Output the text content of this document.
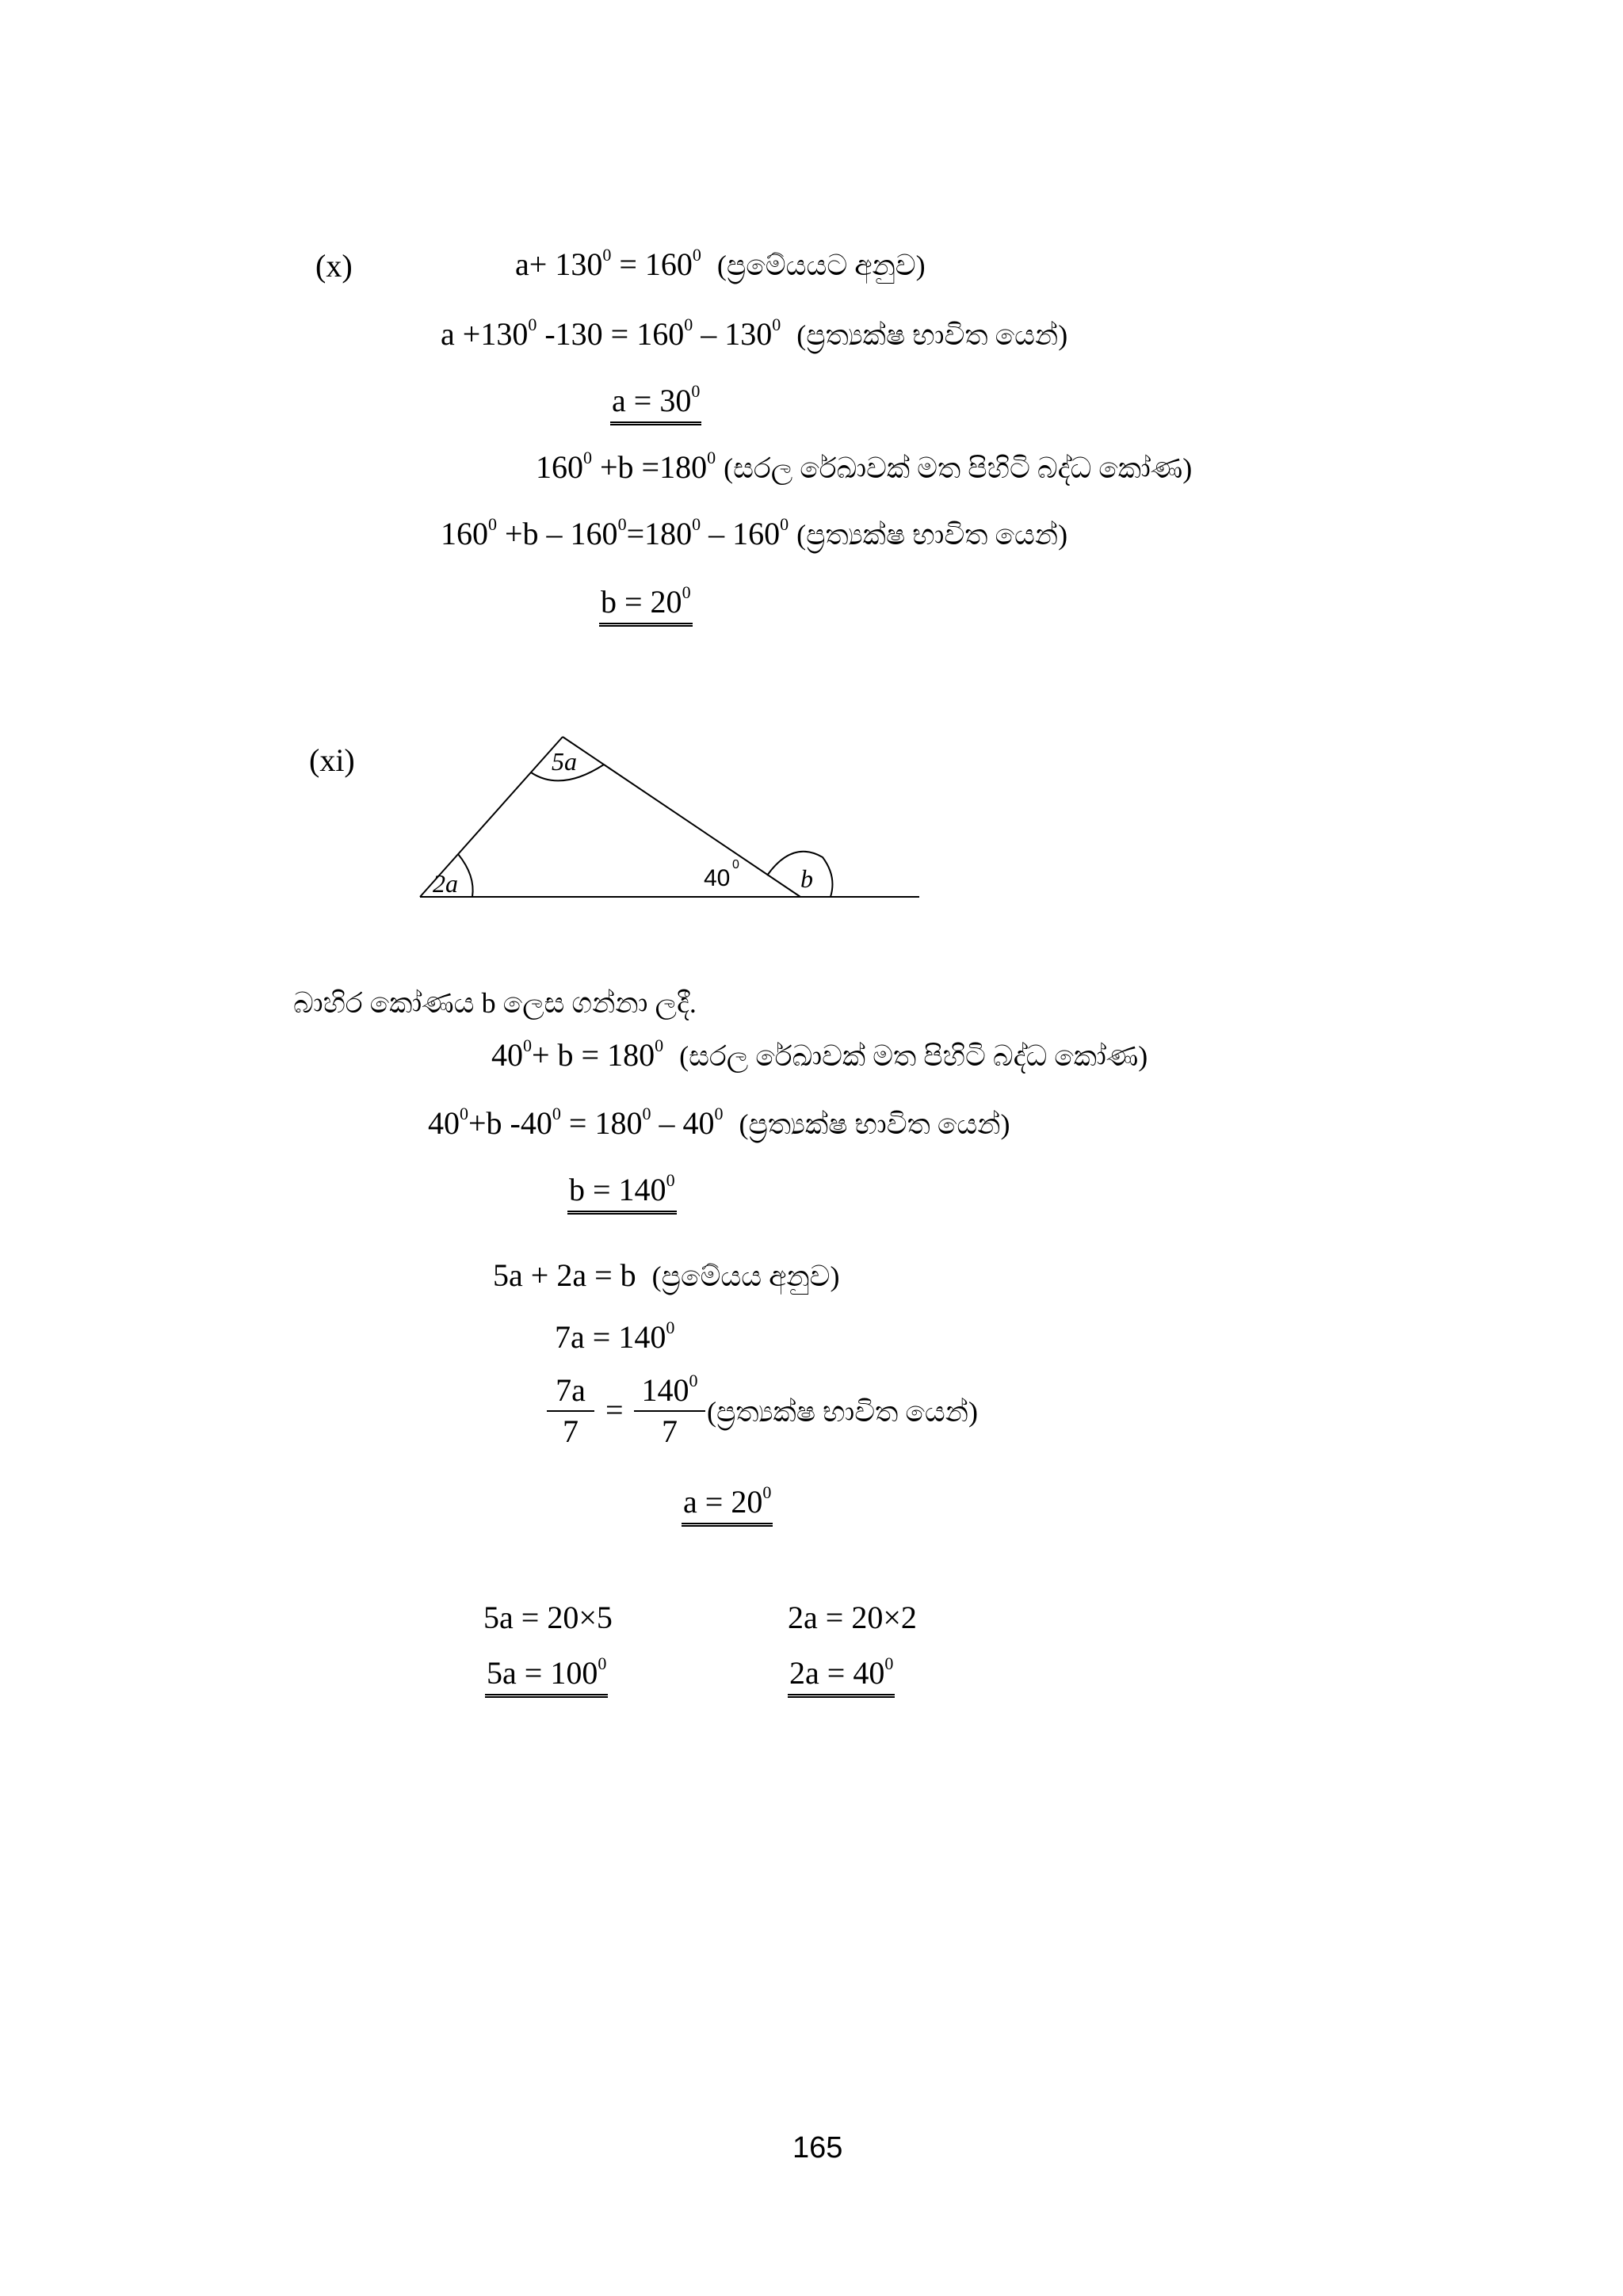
(x)	$a+ 130^0 = 160^0$ (ප්‍රමේයයට අනුව)
$a +130^0$ $-130 = 160^0 - 130^0$ (ප්‍රත්‍යක්ෂ භාවිත යෙන්)
$a = 30^0$
$160^0 +b =180^0$ (සරල රේඛාවක් මත පිහිටි බද්ධ කෝණ)
$160^0 +b - 160^0=180^0 - 160^0$ (ප්‍රත්‍යක්ෂ භාවිත යෙන්)
$b = 20^0$
(xi)	5a
2a	40
0 b
බාහිර කෝණය b ලෙස ගන්නා ලදී.
$40^0+ b = 180^0$ (සරල රේඛාවක් මත පිහිටි බද්ධ කෝණ)
$40^0+b$ $-40^0 = 180^0 - 40^0$ (ප්‍රත්‍යක්ෂ භාවිත යෙන්)
$b = 140^0$
5a + 2a = b (ප්‍රමේයය අනුව)
$7a = 140^0$
$\frac{7a}{7} = \frac{140^0}{7}$ (ප්‍රත්‍යක්ෂ භාවිත යෙන්)
$a = 20^0$
5a = 20×5	2a = 20×2
$5a = 100^0$	$2a = 40^0$
165
